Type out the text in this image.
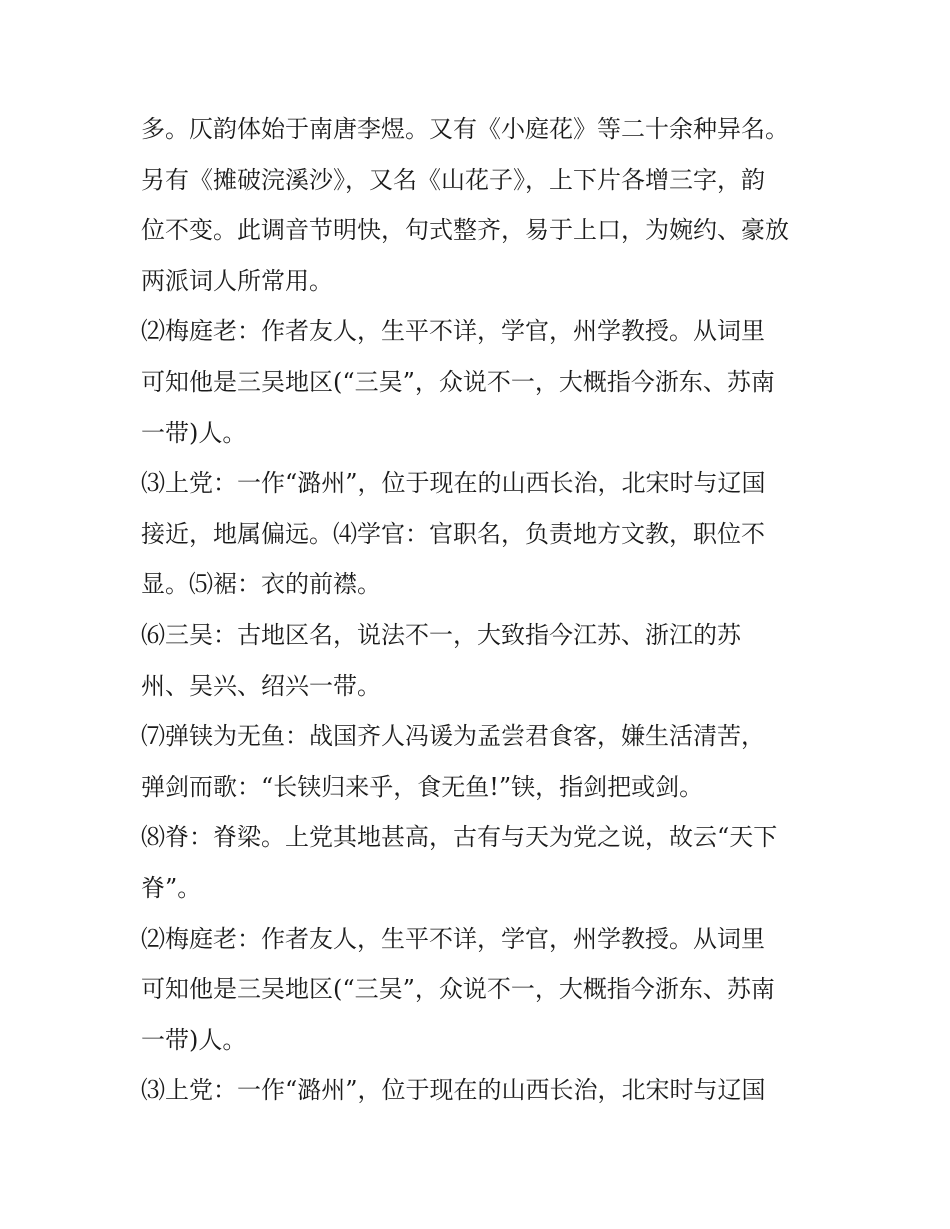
多。仄韵体始于南唐李煜。又有《小庭花》等二十余种异名。
另有《摊破浣溪沙》，又名《山花子》，上下片各增三字，韵
位不变。此调音节明快，句式整齐，易于上口，为婉约、豪放
两派词人所常用。
⑵梅庭老：作者友人，生平不详，学官，州学教授。从词里
可知他是三吴地区(“三吴”，众说不一，大概指今浙东、苏南
一带)人。
⑶上党：一作“潞州”，位于现在的山西长治，北宋时与辽国
接近，地属偏远。⑷学官：官职名，负责地方文教，职位不
显。⑸裾：衣的前襟。
⑹三吴：古地区名，说法不一，大致指今江苏、浙江的苏
州、吴兴、绍兴一带。
⑺弹铗为无鱼：战国齐人冯谖为孟尝君食客，嫌生活清苦，
弹剑而歌：“长铗归来乎，食无鱼!”铗，指剑把或剑。
⑻脊：脊梁。上党其地甚高，古有与天为党之说，故云“天下
脊”。
⑵梅庭老：作者友人，生平不详，学官，州学教授。从词里
可知他是三吴地区(“三吴”，众说不一，大概指今浙东、苏南
一带)人。
⑶上党：一作“潞州”，位于现在的山西长治，北宋时与辽国
